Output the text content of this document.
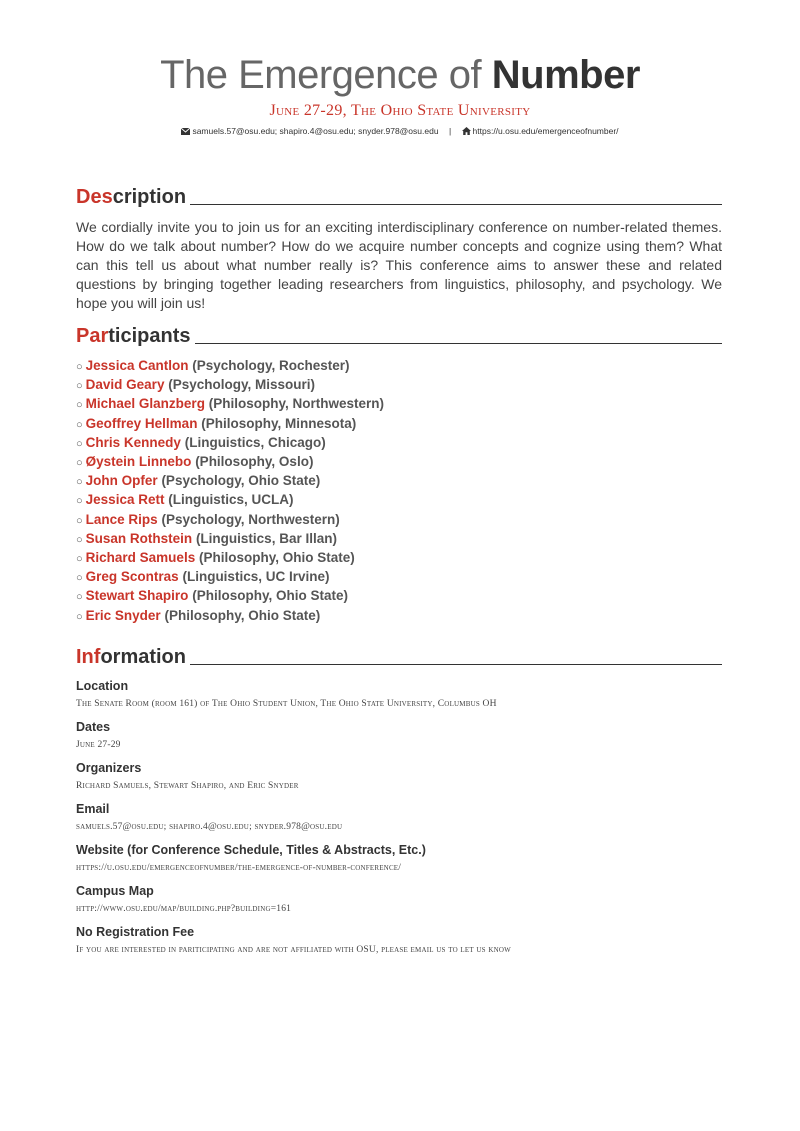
The Emergence of Number
June 27-29, The Ohio State University
samuels.57@osu.edu; shapiro.4@osu.edu; snyder.978@osu.edu |	https://u.osu.edu/emergenceofnumber/
Des cription
We cordially invite you to join us for an exciting interdisciplinary conference on number-related themes. How do we talk about number? How do we acquire number concepts and cognize using them? What can this tell us about what number really is? This conference aims to answer these and related questions by bringing together leading researchers from linguistics, philosophy, and psychology. We hope you will join us!
Par ticipants
○ Jessica Cantlon (Psychology, Rochester)
○ David Geary (Psychology, Missouri)
○ Michael Glanzberg (Philosophy, Northwestern)
○ Geoffrey Hellman (Philosophy, Minnesota)
○ Chris Kennedy (Linguistics, Chicago)
○ Øystein Linnebo (Philosophy, Oslo)
○ John Opfer (Psychology, Ohio State)
○ Jessica Rett (Linguistics, UCLA)
○ Lance Rips (Psychology, Northwestern)
○ Susan Rothstein (Linguistics, Bar Illan)
○ Richard Samuels (Philosophy, Ohio State)
○ Greg Scontras (Linguistics, UC Irvine)
○ Stewart Shapiro (Philosophy, Ohio State)
○ Eric Snyder (Philosophy, Ohio State)
Inf ormation
Location
The Senate Room (room 161) of The Ohio Student Union, The Ohio State University, Columbus OH
Dates
June 27-29
Organizers
Richard Samuels, Stewart Shapiro, and Eric Snyder
Email
samuels.57@osu.edu; shapiro.4@osu.edu; snyder.978@osu.edu
Website (for Conference Schedule, Titles & Abstracts, Etc.)
https://u.osu.edu/emergenceofnumber/the-emergence-of-number-conference/
Campus Map
http://www.osu.edu/map/building.php?building=161
No Registration Fee
If you are interested in pariticipating and are not affiliated with OSU, please email us to let us know
